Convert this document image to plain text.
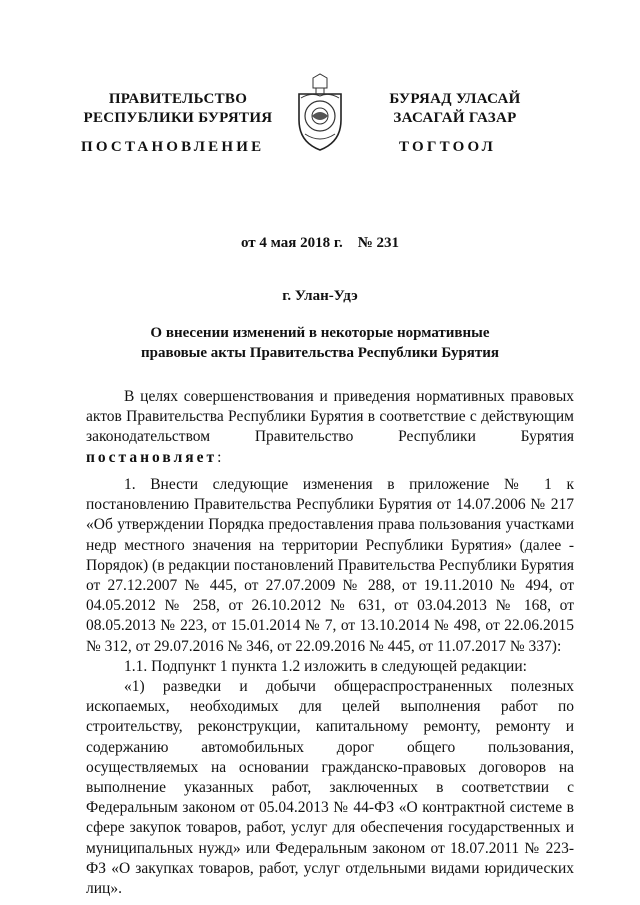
ПРАВИТЕЛЬСТВО
РЕСПУБЛИКИ БУРЯТИЯ
БУРЯАД УЛАСАЙ
ЗАСАГАЙ ГАЗАР
ПОСТАНОВЛЕНИЕ	ТОГТООЛ
от 4 мая 2018 г.    № 231
г. Улан-Удэ
О внесении изменений в некоторые нормативные
правовые акты Правительства Республики Бурятия

В целях совершенствования и приведения нормативных правовых актов Правительства Республики Бурятия в соответствие с действующим законодательством Правительство Республики Бурятия постановляет:

1. Внести следующие изменения в приложение № 1 к постановлению Правительства Республики Бурятия от 14.07.2006 № 217 «Об утверждении Порядка предоставления права пользования участками недр местного значения на территории Республики Бурятия» (далее - Порядок) (в редакции постановлений Правительства Республики Бурятия от 27.12.2007 № 445, от 27.07.2009 № 288, от 19.11.2010 № 494, от 04.05.2012 № 258, от 26.10.2012 № 631, от 03.04.2013 № 168, от 08.05.2013 № 223, от 15.01.2014 № 7, от 13.10.2014 № 498, от 22.06.2015 № 312, от 29.07.2016 № 346, от 22.09.2016 № 445, от 11.07.2017 № 337):

1.1. Подпункт 1 пункта 1.2 изложить в следующей редакции:

«1) разведки и добычи общераспространенных полезных ископаемых, необходимых для целей выполнения работ по строительству, реконструкции, капитальному ремонту, ремонту и содержанию автомобильных дорог общего пользования, осуществляемых на основании гражданско-правовых договоров на выполнение указанных работ, заключенных в соответствии с Федеральным законом от 05.04.2013 № 44-ФЗ «О контрактной системе в сфере закупок товаров, работ, услуг для обеспечения государственных и муниципальных нужд» или Федеральным законом от 18.07.2011 № 223-ФЗ «О закупках товаров, работ, услуг отдельными видами юридических лиц».
